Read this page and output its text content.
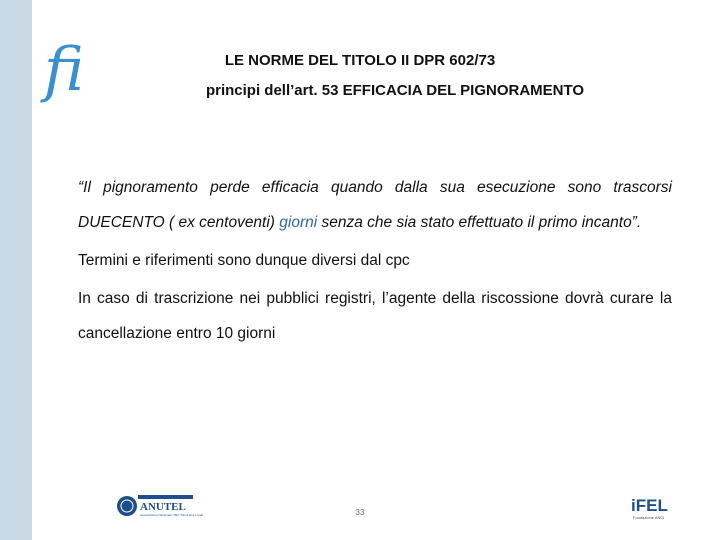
fi	LE NORME DEL TITOLO II DPR 602/73
principi dell’art. 53 EFFICACIA DEL PIGNORAMENTO
“Il pignoramento perde efficacia quando dalla sua esecuzione sono trascorsi DUECENTO ( ex centoventi) giorni senza che sia stato effettuato il primo incanto”.
Termini e riferimenti sono dunque diversi dal cpc
In caso di trascrizione nei pubblici registri, l’agente della riscossione dovrà curare la cancellazione entro 10 giorni
ANUTEL
Associazione Nazionale Uffici Tributi Enti Locali	33	iFEL
Fondazione ANCI
